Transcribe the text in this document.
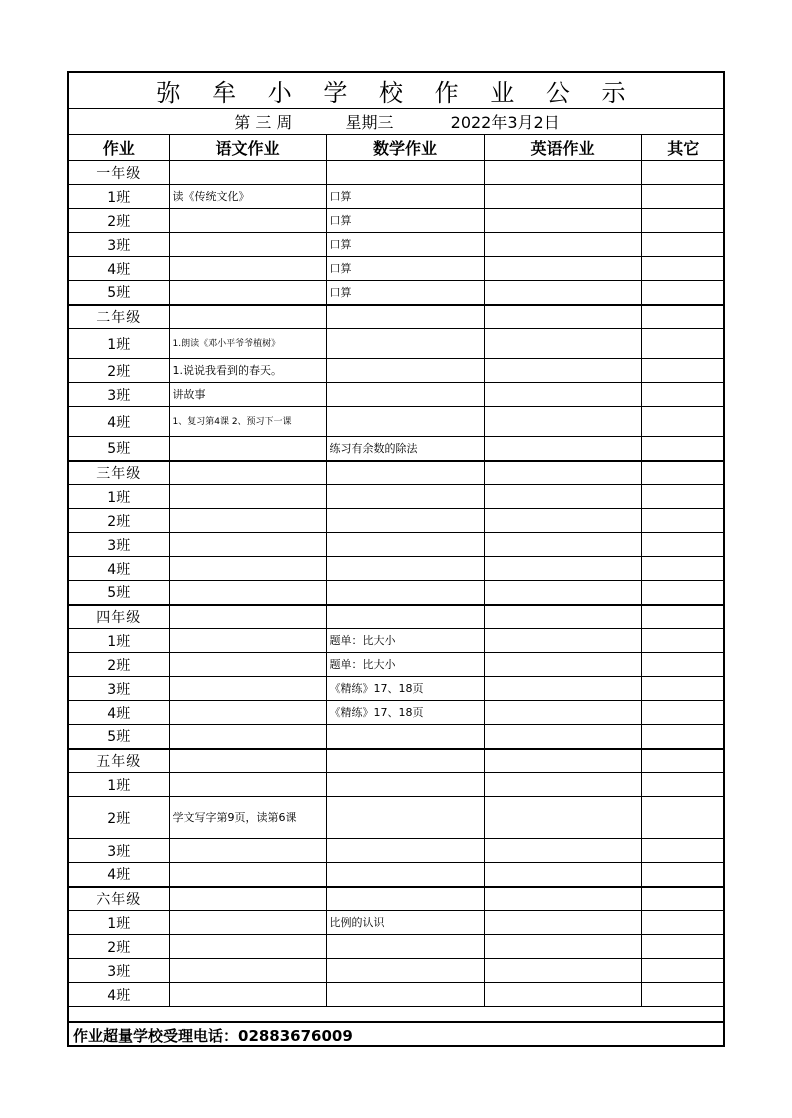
弥 牟 小 学 校 作 业 公 示				
第 三 周 星期三 2022年3月2日				
作业	语文作业	数学作业	英语作业	其它
一年级				
1班	读《传统文化》	口算		
2班		口算		
3班		口算		
4班		口算		
5班		口算		
二年级				
1班	1.朗读《邓小平爷爷植树》			
2班	1.说说我看到的春天。			
3班	讲故事			
4班	1、复习第4课 2、预习下一课			
5班		练习有余数的除法		
三年级				
1班				
2班				
3班				
4班				
5班				
四年级				
1班		题单：比大小		
2班		题单：比大小		
3班		《精练》17、18页		
4班		《精练》17、18页		
5班				
五年级				
1班				
2班	学文写字第9页，读第6课			
3班				
4班				
六年级				
1班		比例的认识		
2班				
3班				
4班				
作业超量学校受理电话：02883676009
